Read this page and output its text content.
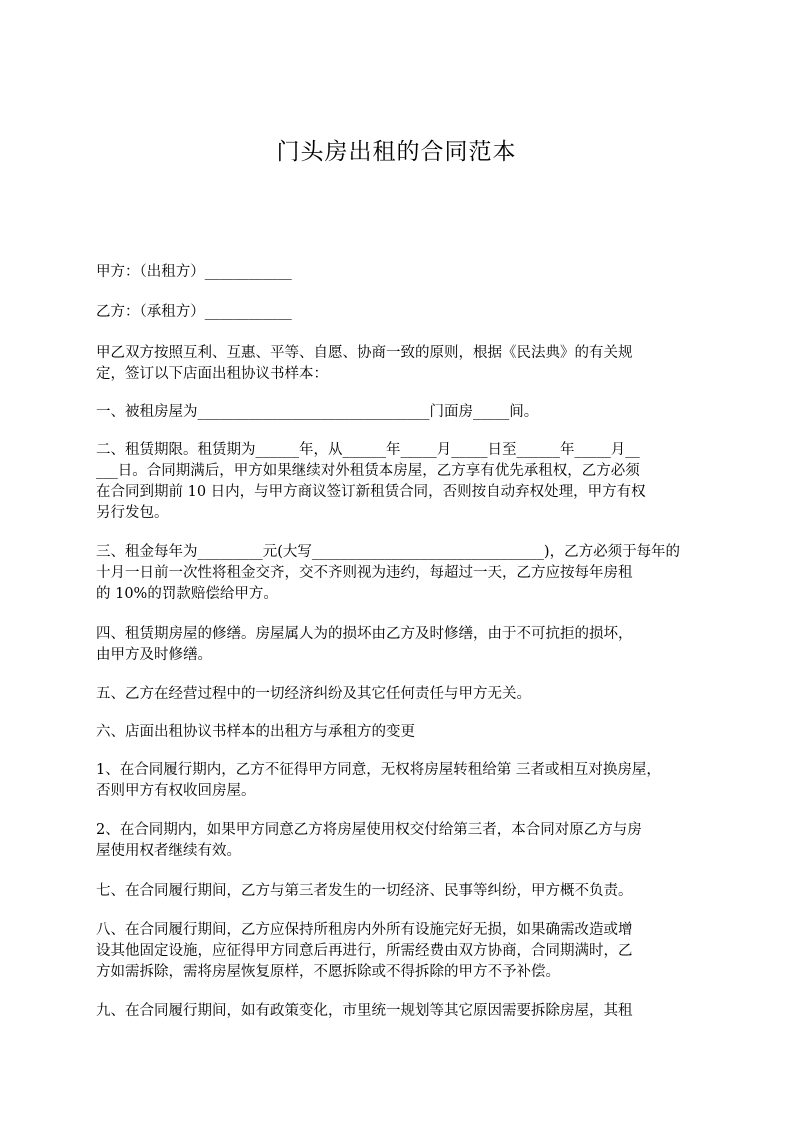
门头房出租的合同范本
甲方：（出租方）____________
乙方：（承租方）____________
甲乙双方按照互利、互惠、平等、自愿、协商一致的原则，根据《民法典》的有关规
定，签订以下店面出租协议书样本：
一、被租房屋为________________________________门面房_____间。
二、租赁期限。租赁期为______年，从______年_____月_____日至______年_____月__
___日。合同期满后，甲方如果继续对外租赁本房屋，乙方享有优先承租权，乙方必须
在合同到期前 10 日内，与甲方商议签订新租赁合同，否则按自动弃权处理，甲方有权
另行发包。
三、租金每年为_________元(大写________________________________)，乙方必须于每年的
十月一日前一次性将租金交齐，交不齐则视为违约，每超过一天，乙方应按每年房租
的 10%的罚款赔偿给甲方。
四、租赁期房屋的修缮。房屋属人为的损坏由乙方及时修缮，由于不可抗拒的损坏，
由甲方及时修缮。
五、乙方在经营过程中的一切经济纠纷及其它任何责任与甲方无关。
六、店面出租协议书样本的出租方与承租方的变更
1、在合同履行期内，乙方不征得甲方同意，无权将房屋转租给第 三者或相互对换房屋，
否则甲方有权收回房屋。
2、在合同期内，如果甲方同意乙方将房屋使用权交付给第三者，本合同对原乙方与房
屋使用权者继续有效。
七、在合同履行期间，乙方与第三者发生的一切经济、民事等纠纷，甲方概不负责。
八、在合同履行期间，乙方应保持所租房内外所有设施完好无损，如果确需改造或增
设其他固定设施，应征得甲方同意后再进行，所需经费由双方协商，合同期满时，乙
方如需拆除，需将房屋恢复原样，不愿拆除或不得拆除的甲方不予补偿。
九、在合同履行期间，如有政策变化，市里统一规划等其它原因需要拆除房屋，其租
